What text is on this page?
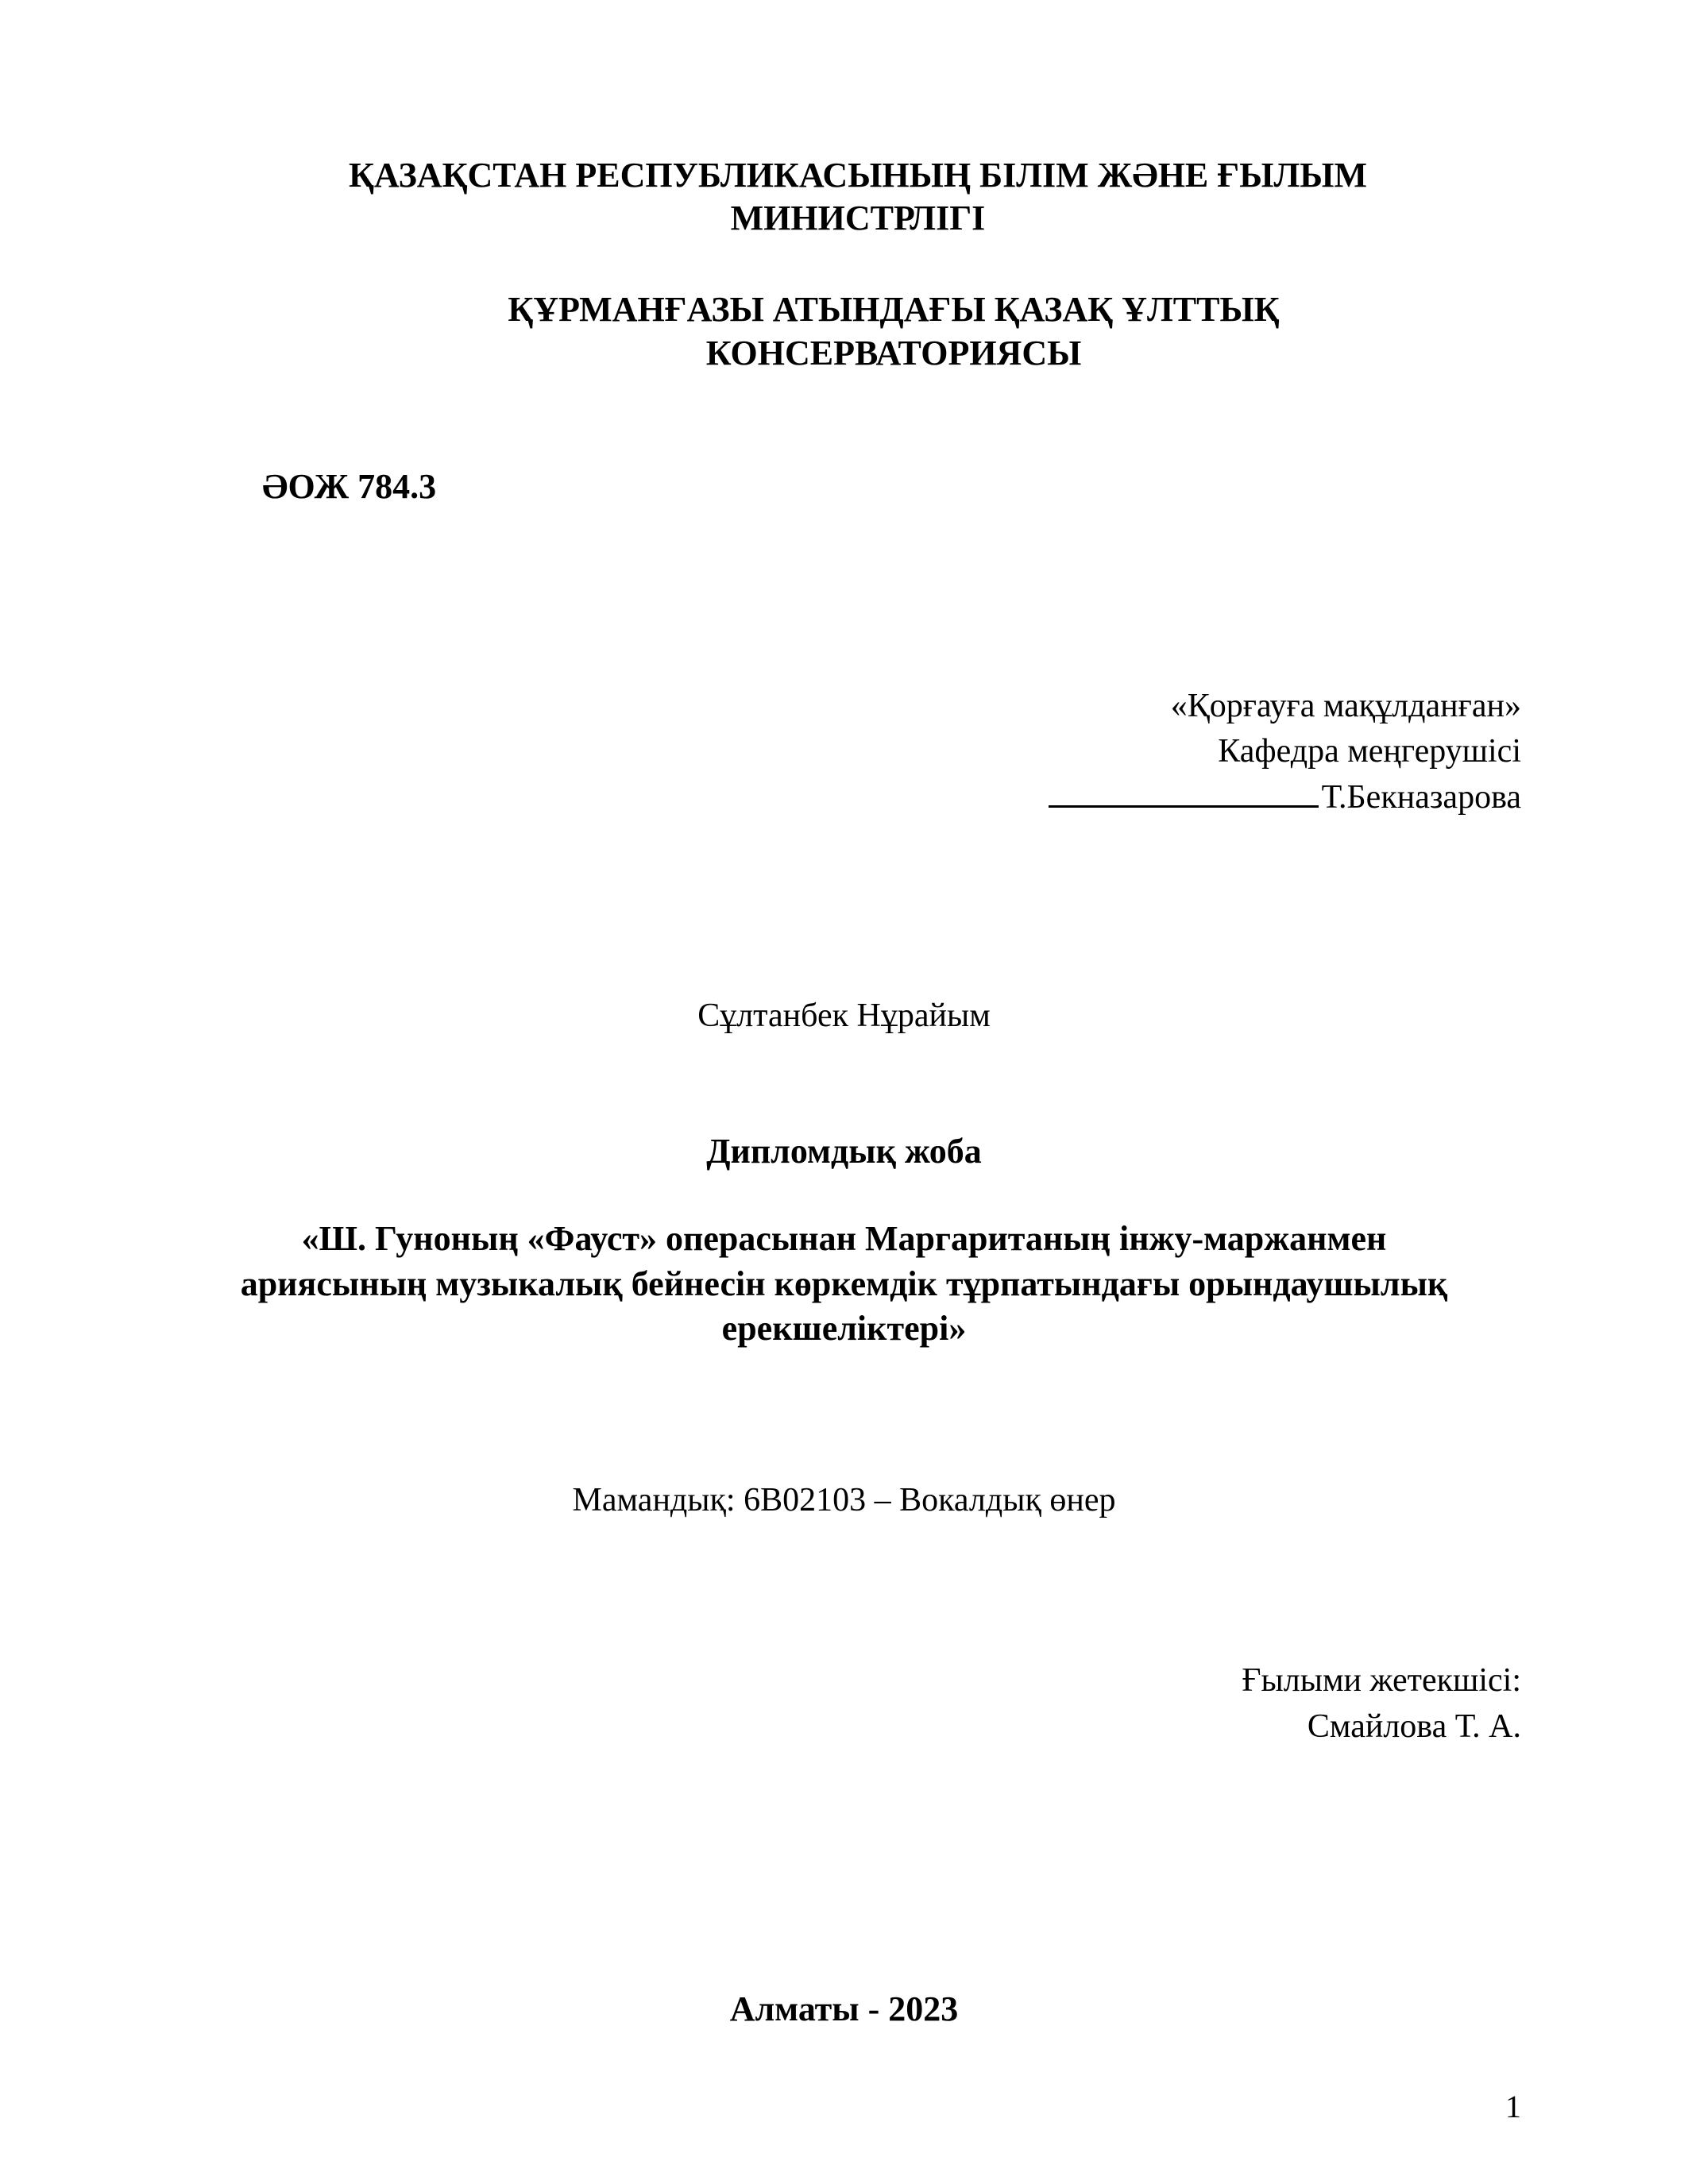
ҚАЗАҚСТАН РЕСПУБЛИКАСЫНЫҢ БІЛІМ ЖӘНЕ ҒЫЛЫМ
МИНИСТРЛІГІ
ҚҰРМАНҒАЗЫ АТЫНДАҒЫ ҚАЗАҚ ҰЛТТЫҚ
КОНСЕРВАТОРИЯСЫ
ӘОЖ 784.3
«Қорғауға мақұлданған»
Кафедра меңгерушісі
Т.Бекназарова
Сұлтанбек Нұрайым
Дипломдық жоба
«Ш. Гуноның «Фауст» операсынан Маргаританың інжу-маржанмен
ариясының музыкалық бейнесін көркемдік тұрпатындағы орындаушылық
ерекшеліктері»
Мамандық: 6В02103 – Вокалдық өнер
Ғылыми жетекшісі:
Смайлова Т. А.
Алматы - 2023
1
